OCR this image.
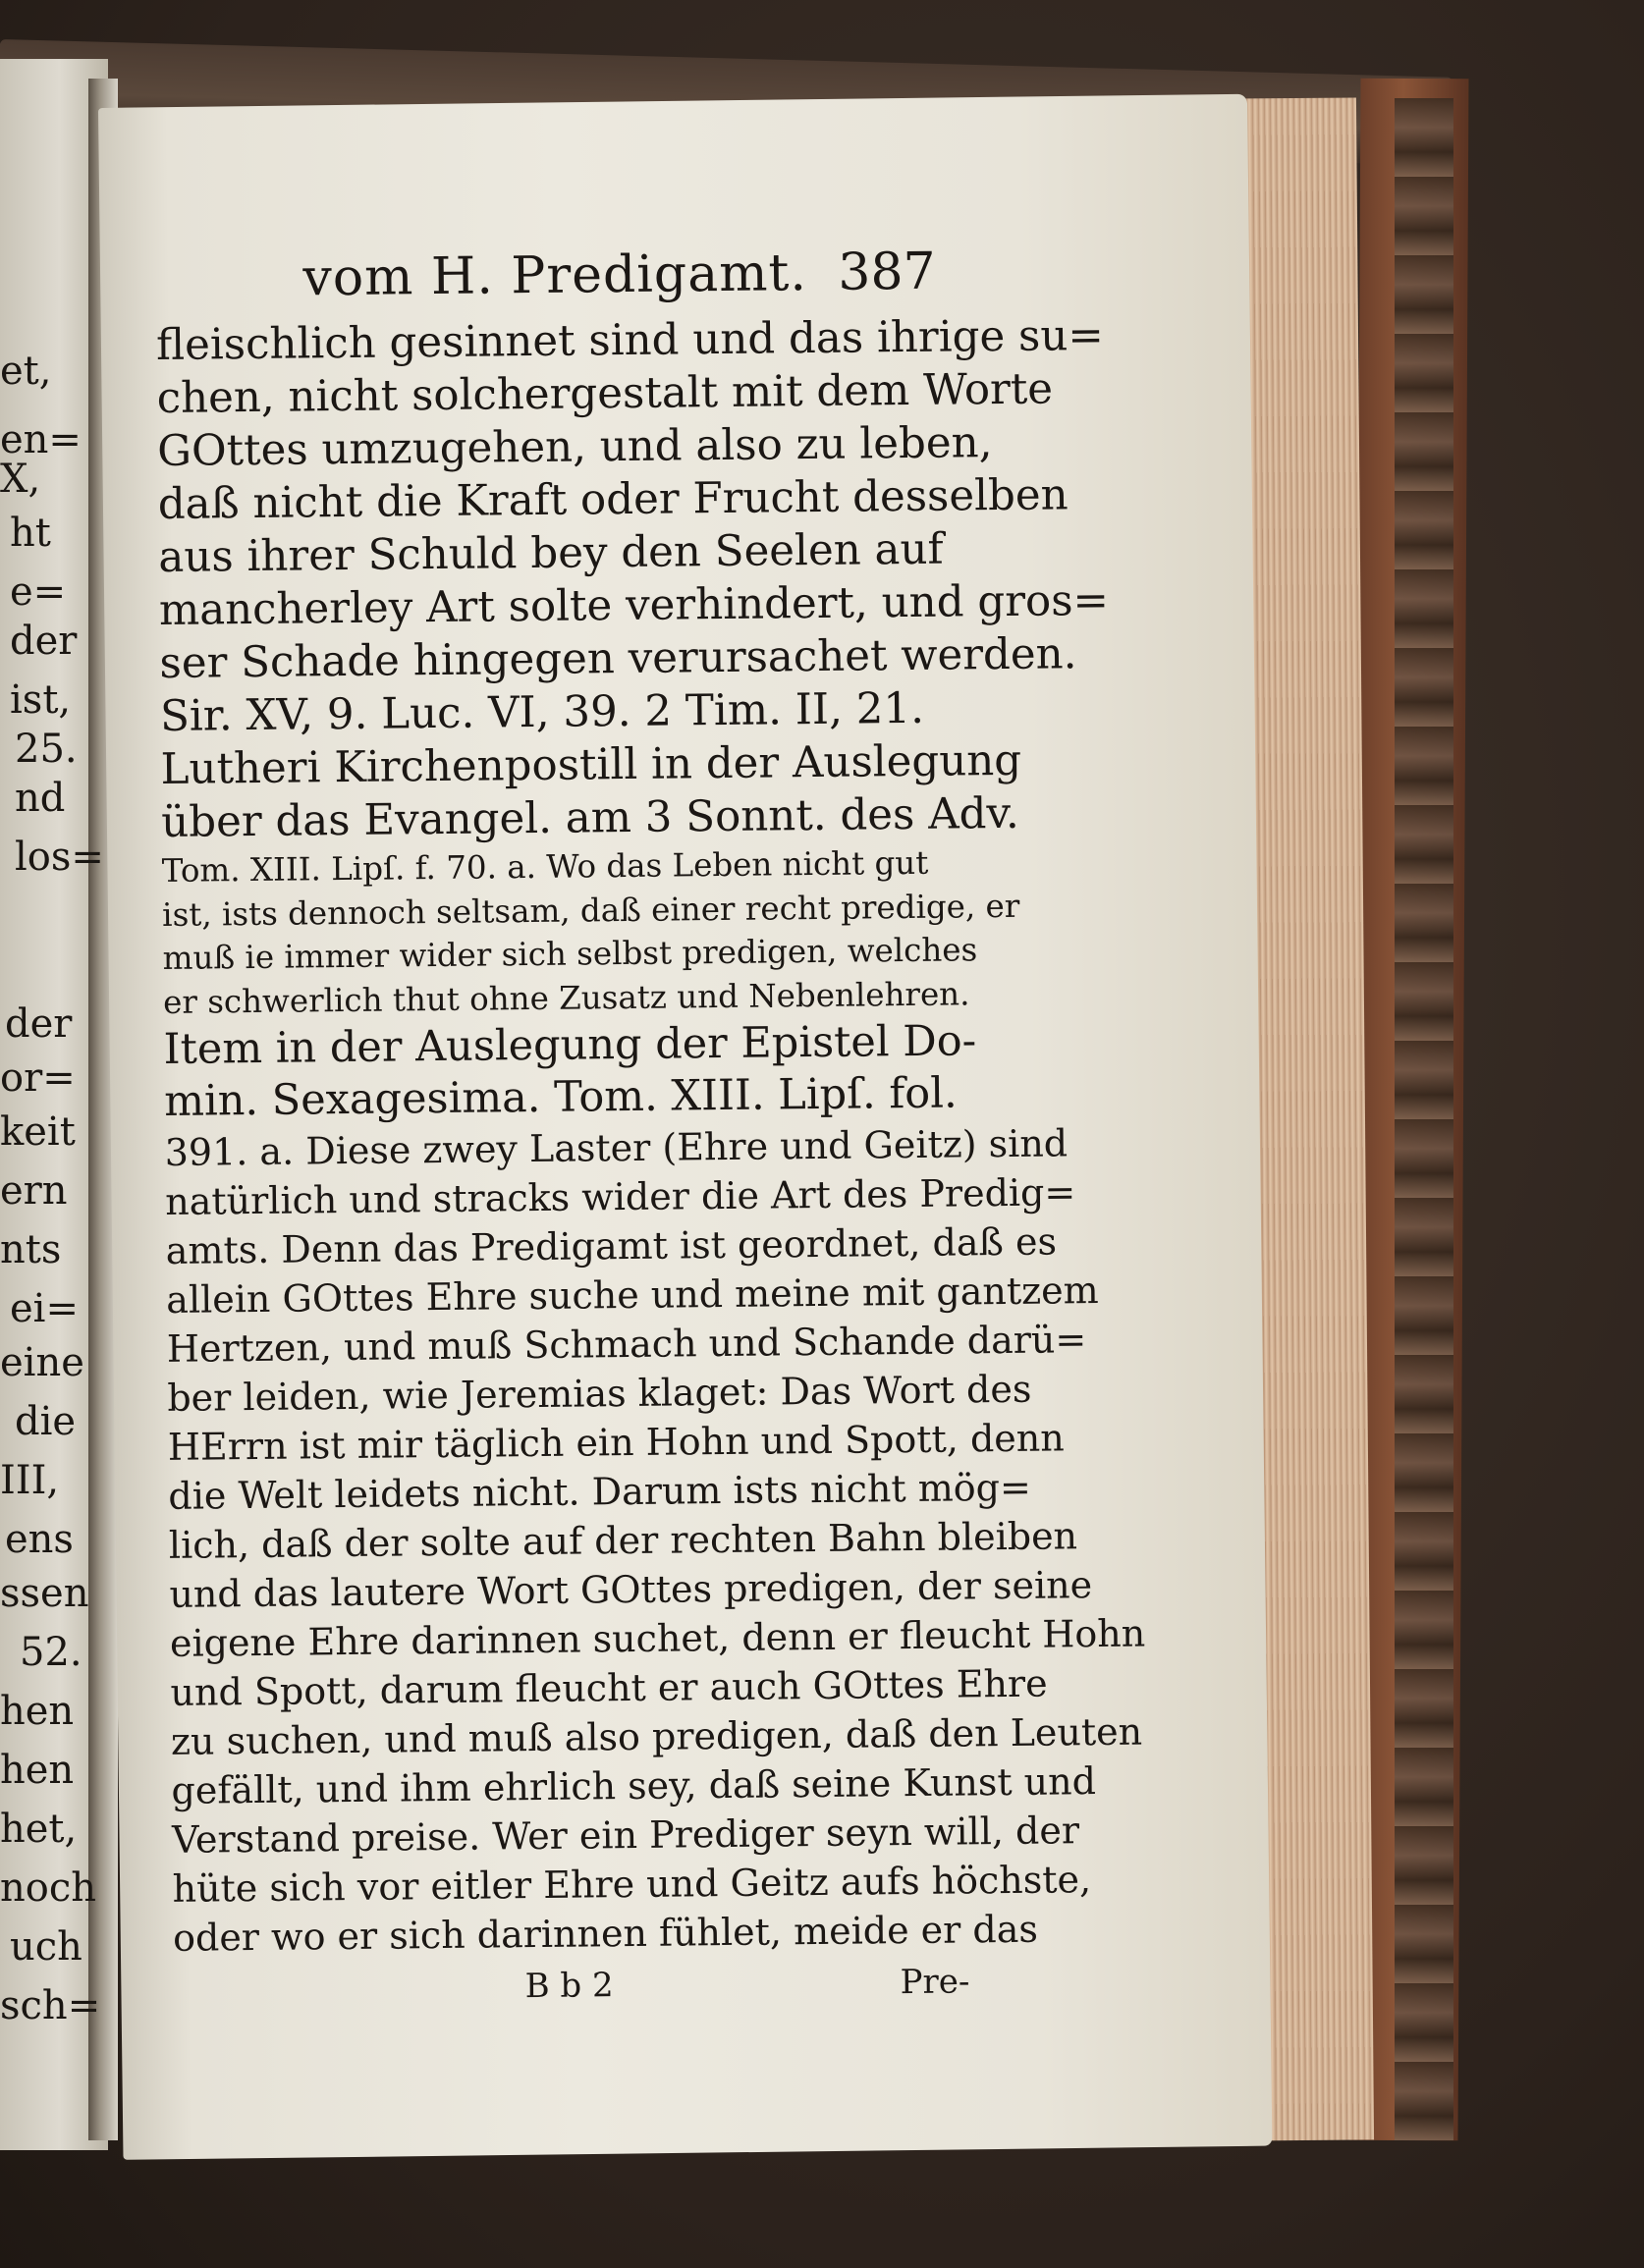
et,
en=
X,
ht
e=
der
ist,
25.
nd
los=
der
or=
keit
ern
nts
ei=
eine
die
III,
ens
ssen
52.
hen
hen
het,
noch
uch
sch=
vom H. Predigamt. 387
fleischlich gesinnet sind und das ihrige su=
chen, nicht solchergestalt mit dem Worte
GOttes umzugehen, und also zu leben,
daß nicht die Kraft oder Frucht desselben
aus ihrer Schuld bey den Seelen auf
mancherley Art solte verhindert, und gros=
ser Schade hingegen verursachet werden.
Sir. XV, 9. Luc. VI, 39. 2 Tim. II, 21.
Lutheri Kirchenpostill in der Auslegung
über das Evangel. am 3 Sonnt. des Adv.
Tom. XIII. Lipſ. f. 70. a. Wo das Leben nicht gut
ist, ists dennoch seltsam, daß einer recht predige, er
muß ie immer wider sich selbst predigen, welches
er schwerlich thut ohne Zusatz und Nebenlehren.
Item in der Auslegung der Epistel Do-
min. Sexagesima. Tom. XIII. Lipſ. fol.
391. a. Diese zwey Laster (Ehre und Geitz) sind
natürlich und stracks wider die Art des Predig=
amts. Denn das Predigamt ist geordnet, daß es
allein GOttes Ehre suche und meine mit gantzem
Hertzen, und muß Schmach und Schande darü=
ber leiden, wie Jeremias klaget: Das Wort des
HErrn ist mir täglich ein Hohn und Spott, denn
die Welt leidets nicht. Darum ists nicht mög=
lich, daß der solte auf der rechten Bahn bleiben
und das lautere Wort GOttes predigen, der seine
eigene Ehre darinnen suchet, denn er fleucht Hohn
und Spott, darum fleucht er auch GOttes Ehre
zu suchen, und muß also predigen, daß den Leuten
gefällt, und ihm ehrlich sey, daß seine Kunst und
Verstand preise. Wer ein Prediger seyn will, der
hüte sich vor eitler Ehre und Geitz aufs höchste,
oder wo er sich darinnen fühlet, meide er das
B b 2	Pre-
